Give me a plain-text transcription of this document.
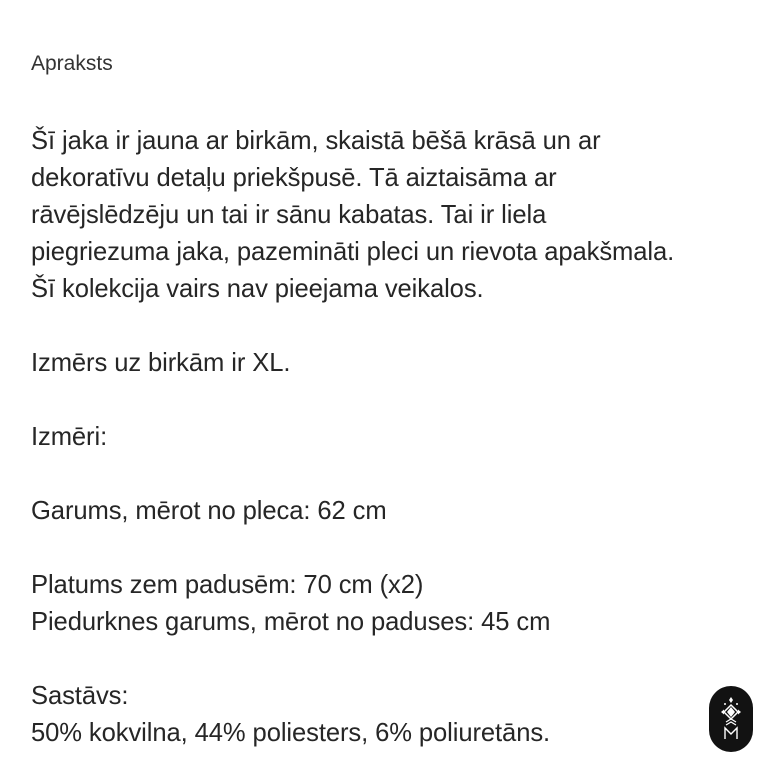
Apraksts
Šī jaka ir jauna ar birkām, skaistā bēšā krāsā un ar
dekoratīvu detaļu priekšpusē. Tā aiztaisāma ar
rāvējslēdzēju un tai ir sānu kabatas. Tai ir liela
piegriezuma jaka, pazemināti pleci un rievota apakšmala.
Šī kolekcija vairs nav pieejama veikalos.
Izmērs uz birkām ir XL.
Izmēri:
Garums, mērot no pleca: 62 cm
Platums zem padusēm: 70 cm (x2)
Piedurknes garums, mērot no paduses: 45 cm
Sastāvs:
50% kokvilna, 44% poliesters, 6% poliuretāns.
